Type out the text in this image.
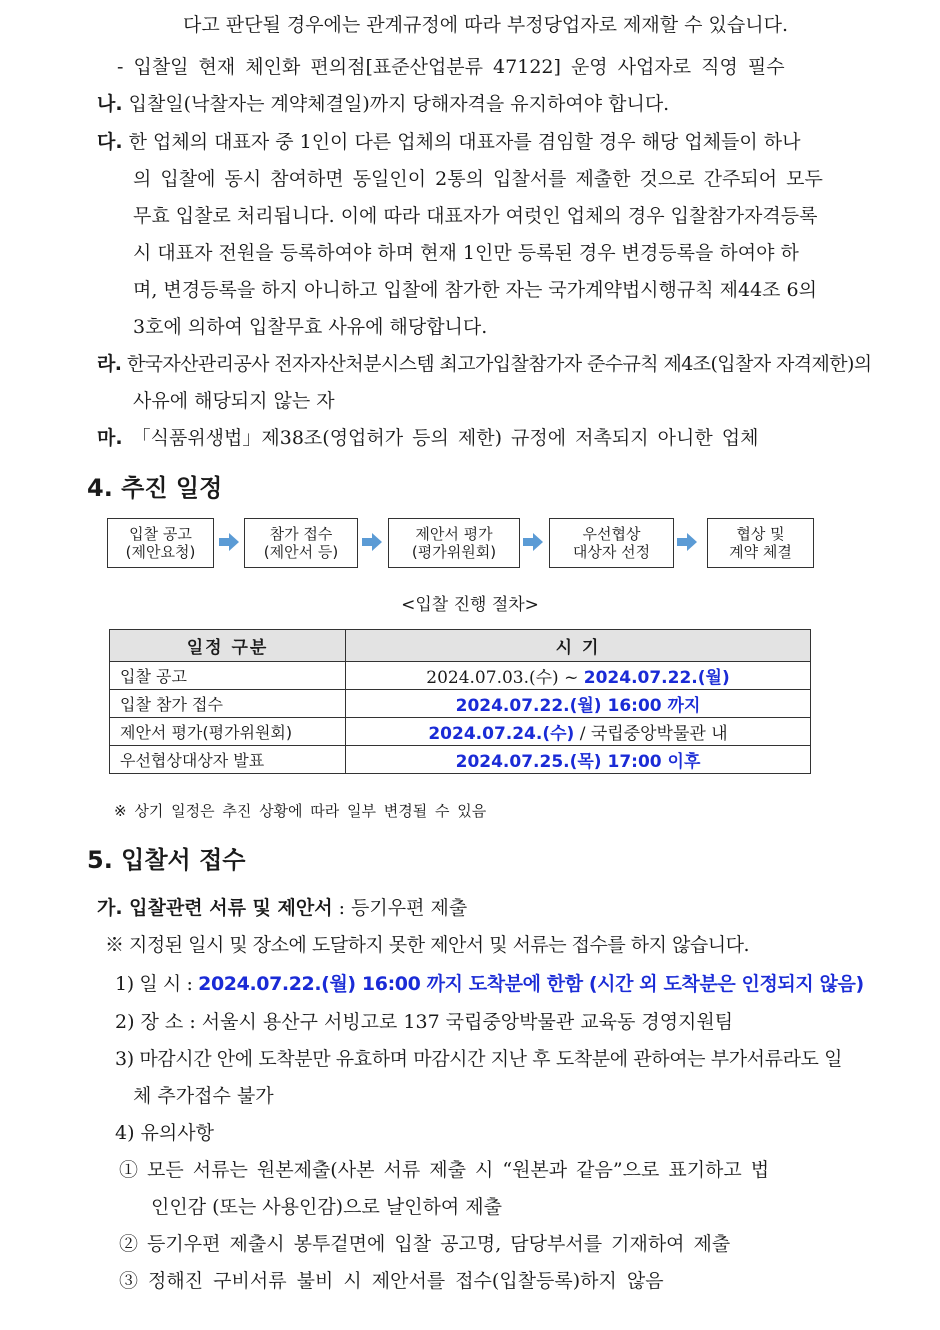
다고 판단될 경우에는 관계규정에 따라 부정당업자로 제재할 수 있습니다.
- 입찰일 현재 체인화 편의점[표준산업분류 47122] 운영 사업자로 직영 필수
나. 입찰일(낙찰자는 계약체결일)까지 당해자격을 유지하여야 합니다.
다. 한 업체의 대표자 중 1인이 다른 업체의 대표자를 겸임할 경우 해당 업체들이 하나
의 입찰에 동시 참여하면 동일인이 2통의 입찰서를 제출한 것으로 간주되어 모두
무효 입찰로 처리됩니다. 이에 따라 대표자가 여럿인 업체의 경우 입찰참가자격등록
시 대표자 전원을 등록하여야 하며 현재 1인만 등록된 경우 변경등록을 하여야 하
며, 변경등록을 하지 아니하고 입찰에 참가한 자는 국가계약법시행규칙 제44조 6의
3호에 의하여 입찰무효 사유에 해당합니다.
라. 한국자산관리공사 전자자산처분시스템 최고가입찰참가자 준수규칙 제4조(입찰자 자격제한)의
사유에 해당되지 않는 자
마. 「식품위생법」제38조(영업허가 등의 제한) 규정에 저촉되지 아니한 업체
4. 추진 일정
입찰 공고
(제안요청)
참가 접수
(제안서 등)
제안서 평가
(평가위원회)
우선협상
대상자 선정
협상 및
계약 체결
<입찰 진행 절차>
일정 구분	시 기
입찰 공고	2024.07.03.(수) ~ 2024.07.22.(월)
입찰 참가 접수	2024.07.22.(월) 16:00 까지
제안서 평가(평가위원회)	2024.07.24.(수) / 국립중앙박물관 내
우선협상대상자 발표	2024.07.25.(목) 17:00 이후
※ 상기 일정은 추진 상황에 따라 일부 변경될 수 있음
5. 입찰서 접수
가. 입찰관련 서류 및 제안서 : 등기우편 제출
※ 지정된 일시 및 장소에 도달하지 못한 제안서 및 서류는 접수를 하지 않습니다.
1) 일 시 : 2024.07.22.(월) 16:00 까지 도착분에 한함 (시간 외 도착분은 인정되지 않음)
2) 장 소 : 서울시 용산구 서빙고로 137 국립중앙박물관 교육동 경영지원팀
3) 마감시간 안에 도착분만 유효하며 마감시간 지난 후 도착분에 관하여는 부가서류라도 일
체 추가접수 불가
4) 유의사항
① 모든 서류는 원본제출(사본 서류 제출 시 “원본과 같음”으로 표기하고 법
인인감 (또는 사용인감)으로 날인하여 제출
② 등기우편 제출시 봉투겉면에 입찰 공고명, 담당부서를 기재하여 제출
③ 정해진 구비서류 불비 시 제안서를 접수(입찰등록)하지 않음
